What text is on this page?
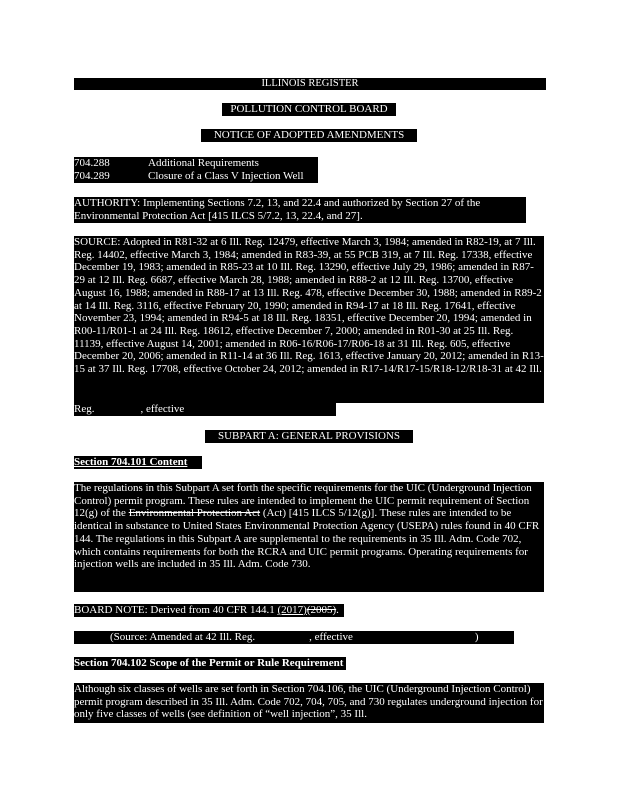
ILLINOIS REGISTER
POLLUTION CONTROL BOARD
NOTICE OF ADOPTED AMENDMENTS
704.288	Additional Requirements
704.289	Closure of a Class V Injection Well
AUTHORITY: Implementing Sections 7.2, 13, and 22.4 and authorized by Section 27 of the Environmental Protection Act [415 ILCS 5/7.2, 13, 22.4, and 27].
SOURCE: Adopted in R81-32 at 6 Ill. Reg. 12479, effective March 3, 1984; amended in R82-19, at 7 Ill. Reg. 14402, effective March 3, 1984; amended in R83-39, at 55 PCB 319, at 7 Ill. Reg. 17338, effective December 19, 1983; amended in R85-23 at 10 Ill. Reg. 13290, effective July 29, 1986; amended in R87-29 at 12 Ill. Reg. 6687, effective March 28, 1988; amended in R88-2 at 12 Ill. Reg. 13700, effective August 16, 1988; amended in R88-17 at 13 Ill. Reg. 478, effective December 30, 1988; amended in R89-2 at 14 Ill. Reg. 3116, effective February 20, 1990; amended in R94-17 at 18 Ill. Reg. 17641, effective November 23, 1994; amended in R94-5 at 18 Ill. Reg. 18351, effective December 20, 1994; amended in R00-11/R01-1 at 24 Ill. Reg. 18612, effective December 7, 2000; amended in R01-30 at 25 Ill. Reg. 11139, effective August 14, 2001; amended in R06-16/R06-17/R06-18 at 31 Ill. Reg. 605, effective December 20, 2006; amended in R11-14 at 36 Ill. Reg. 1613, effective January 20, 2012; amended in R13-15 at 37 Ill. Reg. 17708, effective October 24, 2012; amended in R17-14/R17-15/R18-12/R18-31 at 42 Ill.
Reg.	, effective
SUBPART A: GENERAL PROVISIONS
Section 704.101 Content
The regulations in this Subpart A set forth the specific requirements for the UIC (Underground Injection Control) permit program. These rules are intended to implement the UIC permit requirement of Section 12(g) of the Environmental Protection Act (Act) [415 ILCS 5/12(g)]. These rules are intended to be identical in substance to United States Environmental Protection Agency (USEPA) rules found in 40 CFR 144. The regulations in this Subpart A are supplemental to the requirements in 35 Ill. Adm. Code 702, which contains requirements for both the RCRA and UIC permit programs. Operating requirements for injection wells are included in 35 Ill. Adm. Code 730.
BOARD NOTE: Derived from 40 CFR 144.1 (2017)(2005).
(Source: Amended at 42 Ill. Reg.	, effective	)
Section 704.102 Scope of the Permit or Rule Requirement
Although six classes of wells are set forth in Section 704.106, the UIC (Underground Injection Control) permit program described in 35 Ill. Adm. Code 702, 704, 705, and 730 regulates underground injection for only five classes of wells (see definition of “well injection”, 35 Ill.
